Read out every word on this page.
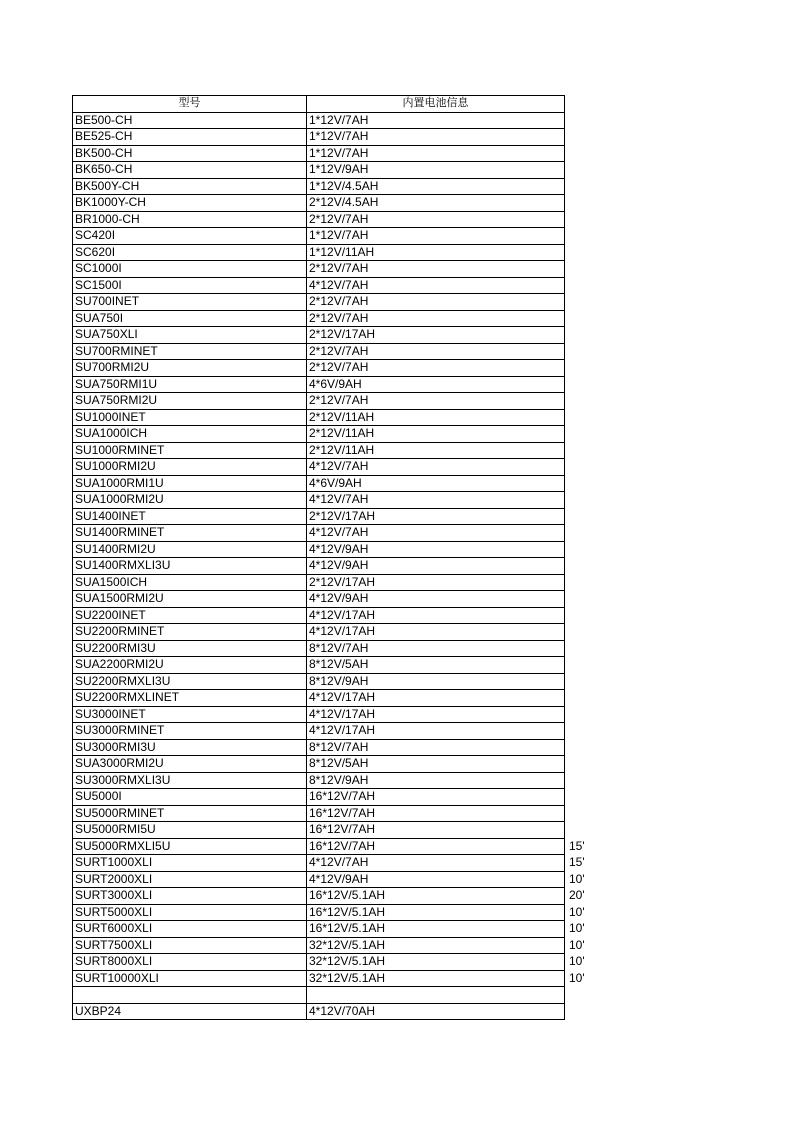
型号	内置电池信息	
BE500-CH	1*12V/7AH	
BE525-CH	1*12V/7AH	
BK500-CH	1*12V/7AH	
BK650-CH	1*12V/9AH	
BK500Y-CH	1*12V/4.5AH	
BK1000Y-CH	2*12V/4.5AH	
BR1000-CH	2*12V/7AH	
SC420I	1*12V/7AH	
SC620I	1*12V/11AH	
SC1000I	2*12V/7AH	
SC1500I	4*12V/7AH	
SU700INET	2*12V/7AH	
SUA750I	2*12V/7AH	
SUA750XLI	2*12V/17AH	
SU700RMINET	2*12V/7AH	
SU700RMI2U	2*12V/7AH	
SUA750RMI1U	4*6V/9AH	
SUA750RMI2U	2*12V/7AH	
SU1000INET	2*12V/11AH	
SUA1000ICH	2*12V/11AH	
SU1000RMINET	2*12V/11AH	
SU1000RMI2U	4*12V/7AH	
SUA1000RMI1U	4*6V/9AH	
SUA1000RMI2U	4*12V/7AH	
SU1400INET	2*12V/17AH	
SU1400RMINET	4*12V/7AH	
SU1400RMI2U	4*12V/9AH	
SU1400RMXLI3U	4*12V/9AH	
SUA1500ICH	2*12V/17AH	
SUA1500RMI2U	4*12V/9AH	
SU2200INET	4*12V/17AH	
SU2200RMINET	4*12V/17AH	
SU2200RMI3U	8*12V/7AH	
SUA2200RMI2U	8*12V/5AH	
SU2200RMXLI3U	8*12V/9AH	
SU2200RMXLINET	4*12V/17AH	
SU3000INET	4*12V/17AH	
SU3000RMINET	4*12V/17AH	
SU3000RMI3U	8*12V/7AH	
SUA3000RMI2U	8*12V/5AH	
SU3000RMXLI3U	8*12V/9AH	
SU5000I	16*12V/7AH	
SU5000RMINET	16*12V/7AH	
SU5000RMI5U	16*12V/7AH	
SU5000RMXLI5U	16*12V/7AH	15'
SURT1000XLI	4*12V/7AH	15'
SURT2000XLI	4*12V/9AH	10'
SURT3000XLI	16*12V/5.1AH	20'
SURT5000XLI	16*12V/5.1AH	10'
SURT6000XLI	16*12V/5.1AH	10'
SURT7500XLI	32*12V/5.1AH	10'
SURT8000XLI	32*12V/5.1AH	10'
SURT10000XLI	32*12V/5.1AH	10'

UXBP24	4*12V/70AH	
